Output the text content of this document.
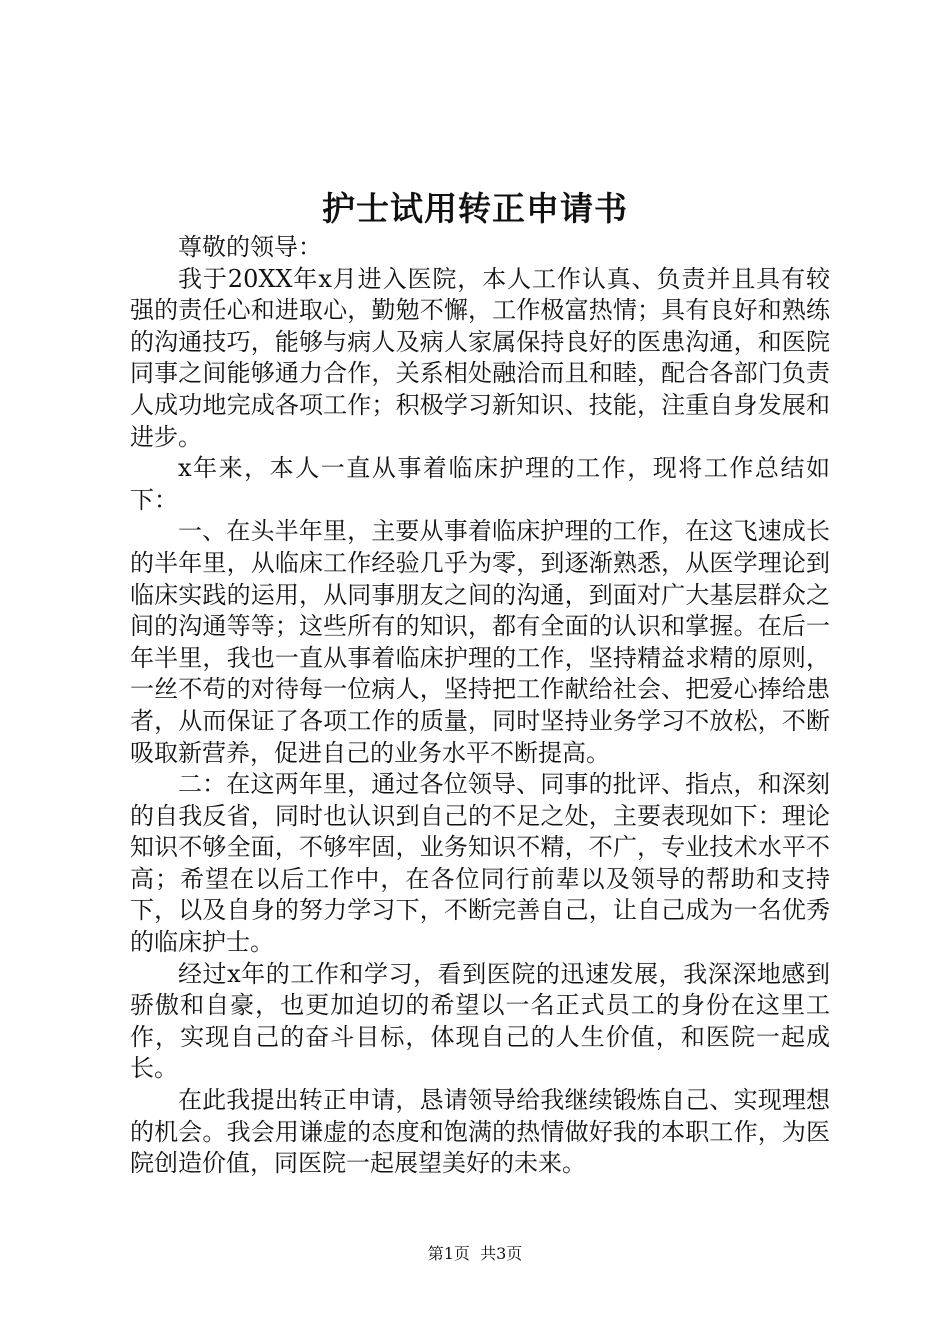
护士试用转正申请书

尊敬的领导：

我于20XX年x月进入医院，本人工作认真、负责并且具有较强的责任心和进取心，勤勉不懈，工作极富热情；具有良好和熟练的沟通技巧，能够与病人及病人家属保持良好的医患沟通，和医院同事之间能够通力合作，关系相处融洽而且和睦，配合各部门负责人成功地完成各项工作；积极学习新知识、技能，注重自身发展和进步。

x年来，本人一直从事着临床护理的工作，现将工作总结如下：

一、在头半年里，主要从事着临床护理的工作，在这飞速成长的半年里，从临床工作经验几乎为零，到逐渐熟悉，从医学理论到临床实践的运用，从同事朋友之间的沟通，到面对广大基层群众之间的沟通等等；这些所有的知识，都有全面的认识和掌握。在后一年半里，我也一直从事着临床护理的工作，坚持精益求精的原则，一丝不苟的对待每一位病人，坚持把工作献给社会、把爱心捧给患者，从而保证了各项工作的质量，同时坚持业务学习不放松，不断吸取新营养，促进自己的业务水平不断提高。

二：在这两年里，通过各位领导、同事的批评、指点，和深刻的自我反省，同时也认识到自己的不足之处，主要表现如下：理论知识不够全面，不够牢固，业务知识不精，不广，专业技术水平不高；希望在以后工作中，在各位同行前辈以及领导的帮助和支持下，以及自身的努力学习下，不断完善自己，让自己成为一名优秀的临床护士。

经过x年的工作和学习，看到医院的迅速发展，我深深地感到骄傲和自豪，也更加迫切的希望以一名正式员工的身份在这里工作，实现自己的奋斗目标，体现自己的人生价值，和医院一起成长。

在此我提出转正申请，恳请领导给我继续锻炼自己、实现理想的机会。我会用谦虚的态度和饱满的热情做好我的本职工作，为医院创造价值，同医院一起展望美好的未来。

第1页 共3页
